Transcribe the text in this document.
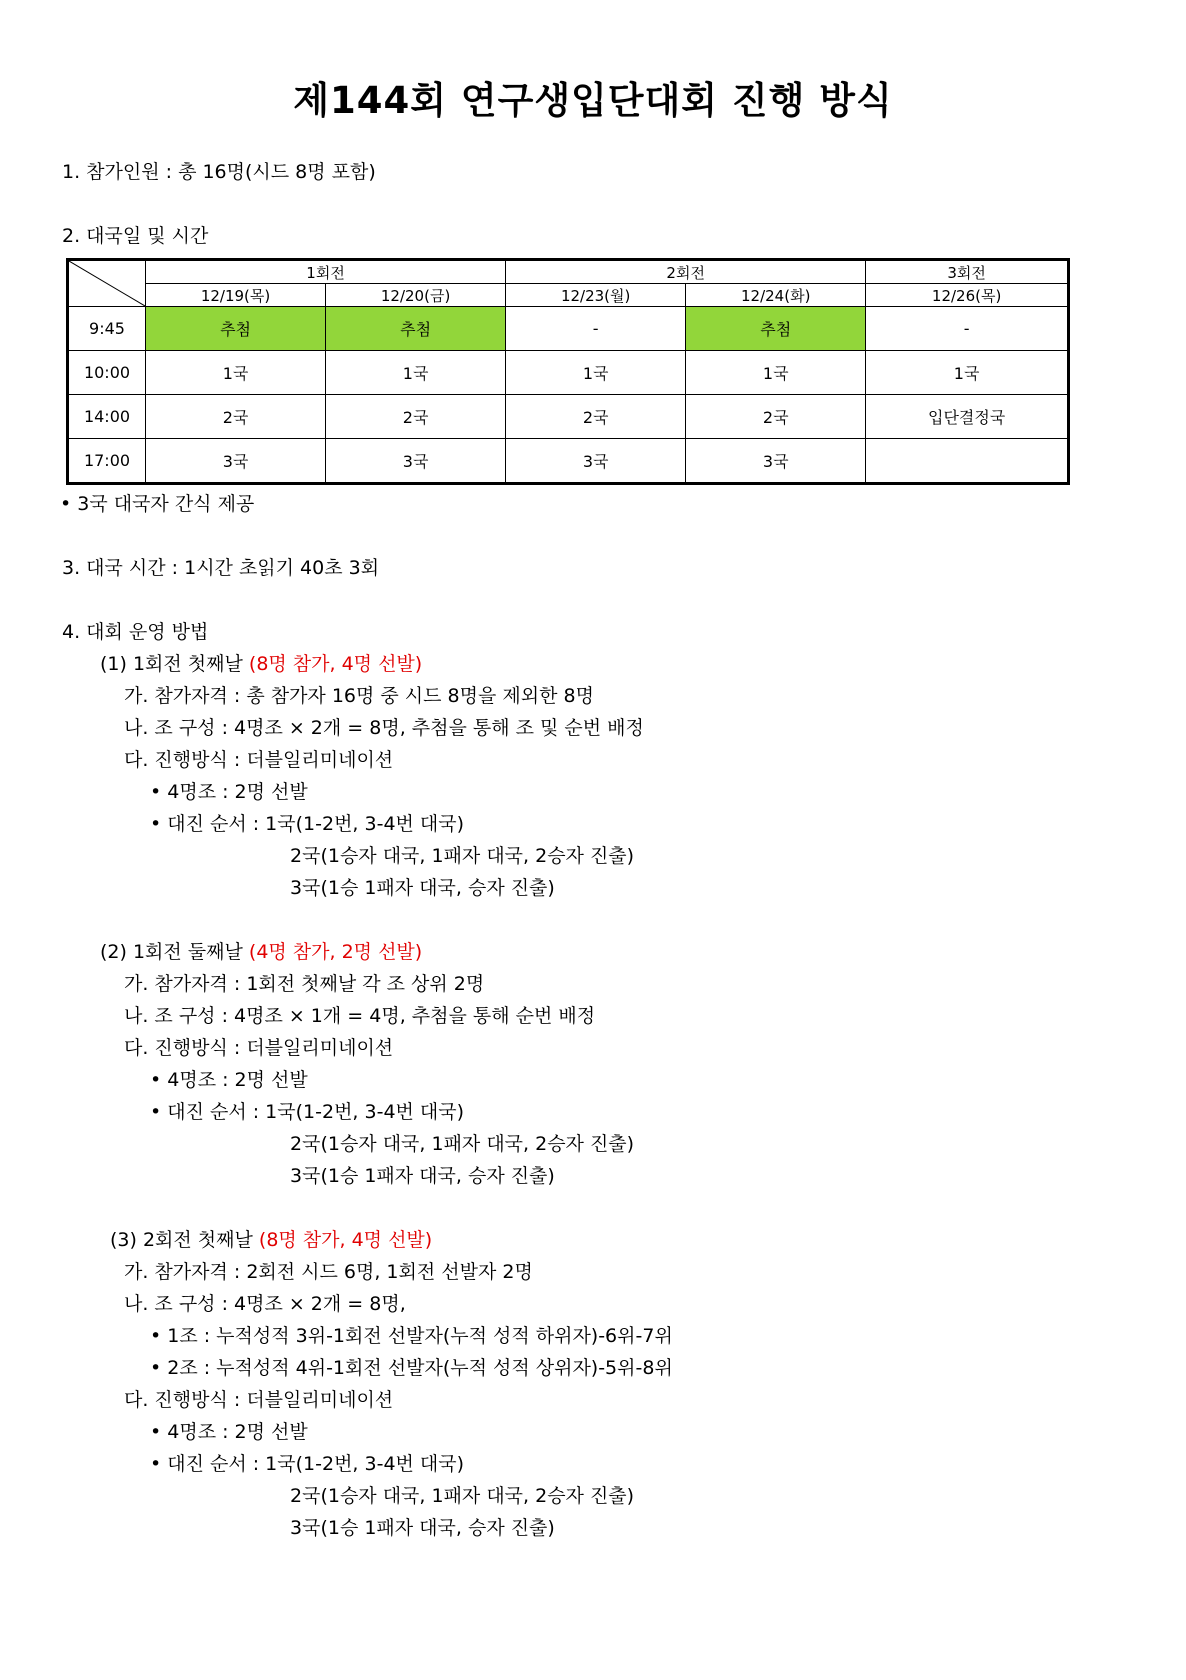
제144회 연구생입단대회 진행 방식
1. 참가인원 : 총 16명(시드 8명 포함)
2. 대국일 및 시간
	1회전		2회전		3회전
	12/19(목)	12/20(금)	12/23(월)	12/24(화)	12/26(목)
9:45	추첨	추첨	-	추첨	-
10:00	1국	1국	1국	1국	1국
14:00	2국	2국	2국	2국	입단결정국
17:00	3국	3국	3국	3국	
• 3국 대국자 간식 제공
3. 대국 시간 : 1시간 초읽기 40초 3회
4. 대회 운영 방법
(1) 1회전 첫째날 (8명 참가, 4명 선발)
가. 참가자격 : 총 참가자 16명 중 시드 8명을 제외한 8명
나. 조 구성 : 4명조 × 2개 = 8명, 추첨을 통해 조 및 순번 배정
다. 진행방식 : 더블일리미네이션
• 4명조 : 2명 선발
• 대진 순서 : 1국(1-2번, 3-4번 대국)
2국(1승자 대국, 1패자 대국, 2승자 진출)
3국(1승 1패자 대국, 승자 진출)
(2) 1회전 둘째날 (4명 참가, 2명 선발)
가. 참가자격 : 1회전 첫째날 각 조 상위 2명
나. 조 구성 : 4명조 × 1개 = 4명, 추첨을 통해 순번 배정
다. 진행방식 : 더블일리미네이션
• 4명조 : 2명 선발
• 대진 순서 : 1국(1-2번, 3-4번 대국)
2국(1승자 대국, 1패자 대국, 2승자 진출)
3국(1승 1패자 대국, 승자 진출)
(3) 2회전 첫째날 (8명 참가, 4명 선발)
가. 참가자격 : 2회전 시드 6명, 1회전 선발자 2명
나. 조 구성 : 4명조 × 2개 = 8명,
• 1조 : 누적성적 3위-1회전 선발자(누적 성적 하위자)-6위-7위
• 2조 : 누적성적 4위-1회전 선발자(누적 성적 상위자)-5위-8위
다. 진행방식 : 더블일리미네이션
• 4명조 : 2명 선발
• 대진 순서 : 1국(1-2번, 3-4번 대국)
2국(1승자 대국, 1패자 대국, 2승자 진출)
3국(1승 1패자 대국, 승자 진출)
